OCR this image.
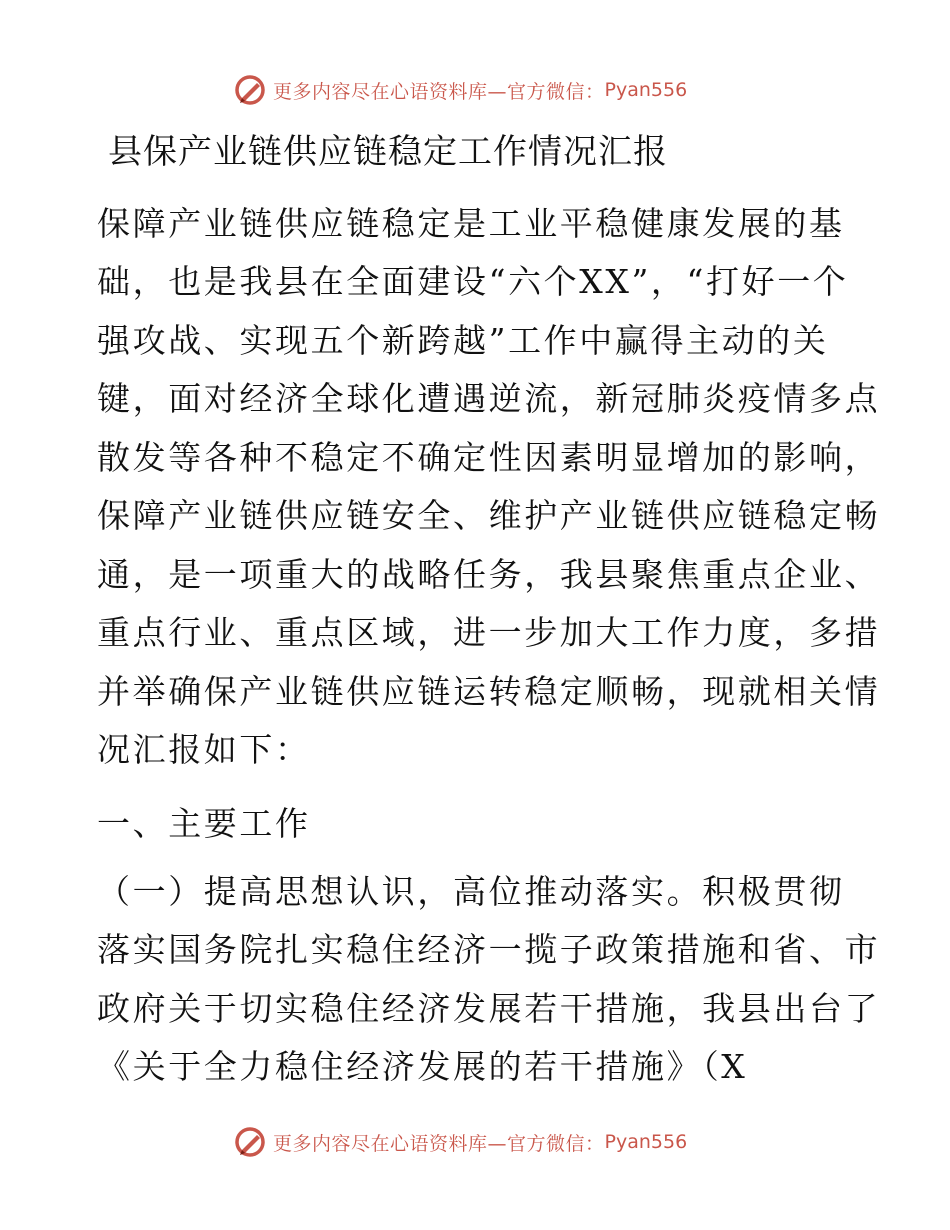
更多内容尽在心语资料库—官方微信： Pyan556
县保产业链供应链稳定工作情况汇报
保障产业链供应链稳定是工业平稳健康发展的基
础，也是我县在全面建设“六个XX”，“打好一个
强攻战、实现五个新跨越”工作中赢得主动的关
键，面对经济全球化遭遇逆流，新冠肺炎疫情多点
散发等各种不稳定不确定性因素明显增加的影响，
保障产业链供应链安全、维护产业链供应链稳定畅
通，是一项重大的战略任务，我县聚焦重点企业、
重点行业、重点区域，进一步加大工作力度，多措
并举确保产业链供应链运转稳定顺畅，现就相关情
况汇报如下：
一、主要工作
（一）提高思想认识，高位推动落实。积极贯彻
落实国务院扎实稳住经济一揽子政策措施和省、市
政府关于切实稳住经济发展若干措施，我县出台了
《关于全力稳住经济发展的若干措施》（X
更多内容尽在心语资料库—官方微信： Pyan556
